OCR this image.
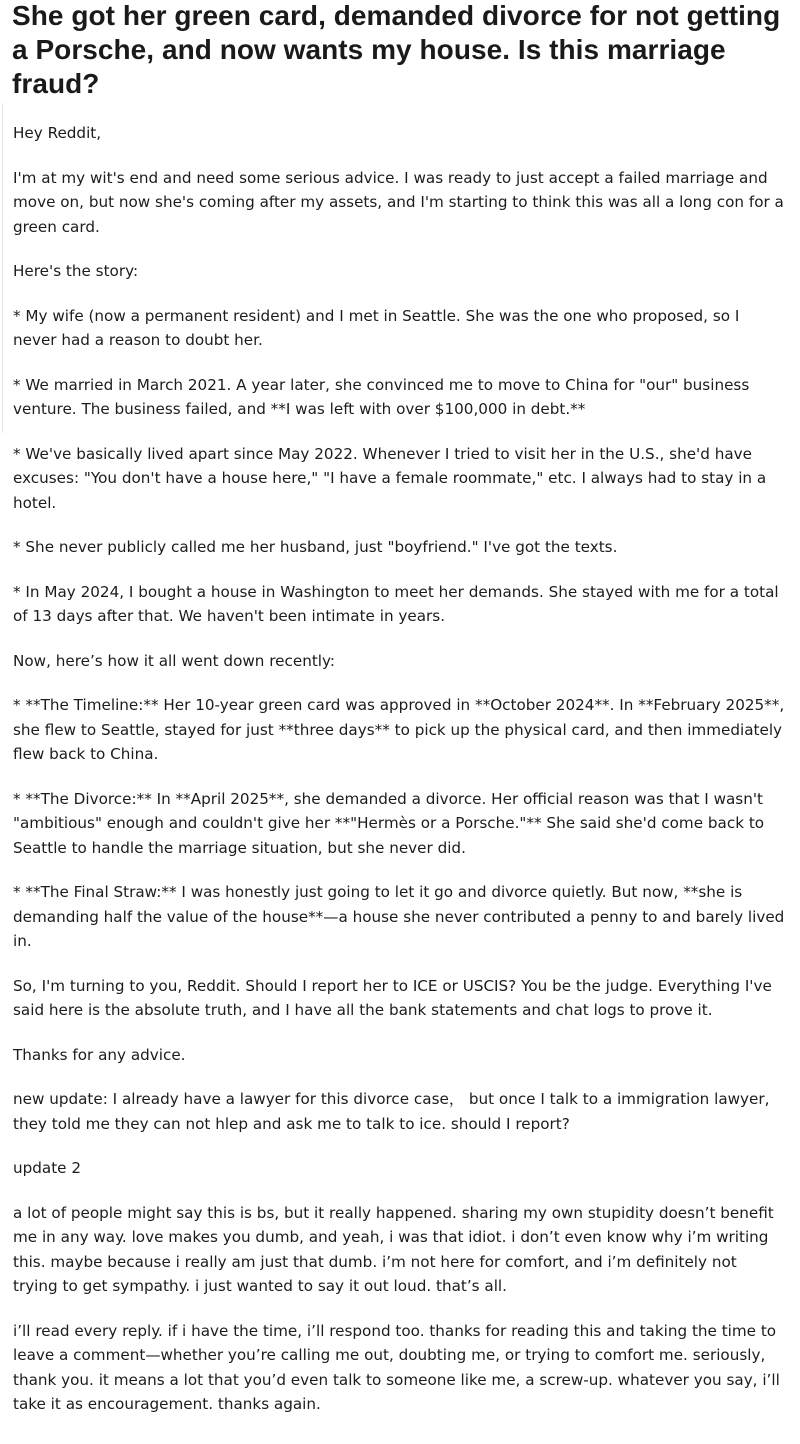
She got her green card, demanded divorce for not getting a Porsche, and now wants my house. Is this marriage fraud?

Hey Reddit,

I'm at my wit's end and need some serious advice. I was ready to just accept a failed marriage and move on, but now she's coming after my assets, and I'm starting to think this was all a long con for a green card.

Here's the story:

* My wife (now a permanent resident) and I met in Seattle. She was the one who proposed, so I never had a reason to doubt her.

* We married in March 2021. A year later, she convinced me to move to China for "our" business venture. The business failed, and **I was left with over $100,000 in debt.**

* We've basically lived apart since May 2022. Whenever I tried to visit her in the U.S., she'd have excuses: "You don't have a house here," "I have a female roommate," etc. I always had to stay in a hotel.

* She never publicly called me her husband, just "boyfriend." I've got the texts.

* In May 2024, I bought a house in Washington to meet her demands. She stayed with me for a total of 13 days after that. We haven't been intimate in years.

Now, here’s how it all went down recently:

* **The Timeline:** Her 10-year green card was approved in **October 2024**. In **February 2025**, she flew to Seattle, stayed for just **three days** to pick up the physical card, and then immediately flew back to China.

* **The Divorce:** In **April 2025**, she demanded a divorce. Her official reason was that I wasn't "ambitious" enough and couldn't give her **"Hermès or a Porsche."** She said she'd come back to Seattle to handle the marriage situation, but she never did.

* **The Final Straw:** I was honestly just going to let it go and divorce quietly. But now, **she is demanding half the value of the house**—a house she never contributed a penny to and barely lived in.

So, I'm turning to you, Reddit. Should I report her to ICE or USCIS? You be the judge. Everything I've said here is the absolute truth, and I have all the bank statements and chat logs to prove it.

Thanks for any advice.

new update: I already have a lawyer for this divorce case， but once I talk to a immigration lawyer, they told me they can not hlep and ask me to talk to ice. should I report?

update 2

a lot of people might say this is bs, but it really happened. sharing my own stupidity doesn’t benefit me in any way. love makes you dumb, and yeah, i was that idiot. i don’t even know why i’m writing this. maybe because i really am just that dumb. i’m not here for comfort, and i’m definitely not trying to get sympathy. i just wanted to say it out loud. that’s all.

i’ll read every reply. if i have the time, i’ll respond too. thanks for reading this and taking the time to leave a comment—whether you’re calling me out, doubting me, or trying to comfort me. seriously, thank you. it means a lot that you’d even talk to someone like me, a screw-up. whatever you say, i’ll take it as encouragement. thanks again.
